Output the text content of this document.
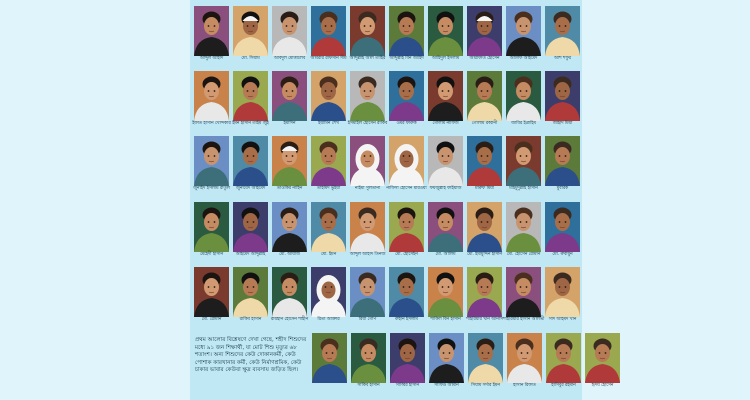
আব্দুল আহাদ	মো. সিয়াম	আবদুল মোত্তালেব	আবরার রাফসান সীম আব্দুল্লাহ আল তাহির আব্দুল্লাহ বিন জাহিদ	আহিদুল ইসলাম	আরাফাত হোসেন	আলিফ আহমেদ	আশ শফুর
ইফাত হাসান খোন্দকার ইমন হাসান তাইম জুঁই	ইমাদিন	ইয়ামিন শেখ	ইসমাইল হোসেন রাকিব	ওমর ফারুক	গোলাম নাফিজ	গোলাম রব্বানী	জাবির ইব্রাহিম	জাহাদ মিয়া
জুনাইদ ইসলাম রাতুল	জুনায়েদ আহমেদ	তাওকির নাহিন	তাহমিদ ভুঁইয়া	নাইমা সুলতানা	নাফিসা হোসেন মারওয়া ফয়জুল্লাহ ফাইয়াজ	মারুফ মিয়া	মাহমুদুল্লাহ হাসান	মুবারক
মেহেদী হাসান	আহমেদ আব্দুল্লাহ	মো. আয়াজ	মো. ইমন	আব্দুল আহাদ তিনজ	মো. হোসেইন	মো. আলিম	মো. ইমামুদ্দিন হাসান	মো. হোসেন রোমান	মো. রুবায়ুন
মো. রোমান	রাকিব হাসান	রায়হান হোসেন শাহীন	রিতা আক্তার	রিয়া গোপ	রুহান ইসলাম	শাকিল বিন হাসান	শাহরিয়ার খান আনাস শাহরিয়ার হাসান আলভী	সাদ আহমদ খান
সাকিব হাসান	সাব্বির হাসান	সাফিউ আমান	সিয়াম সর্দার ইমন	হাসান রিফাত	হাসিবুর রহমান	হৃদয় হোসেন
প্রথম আলোর বিশ্লেষণে দেখা গেছে, শহীদ শিশুদের মধ্যে ৯১ জন শিক্ষার্থী, যা মোট শিশু মৃত্যুর ৬৮ শতাংশ। অন্য শিশুদের কেউ দোকানকর্মী, কেউ পোশাক কারখানার কর্মী, কেউ নির্মাণশ্রমিক, কেউ চাকার ভাবার কেউবা ক্ষুদ্র ব্যবসায় জড়িত ছিল।
